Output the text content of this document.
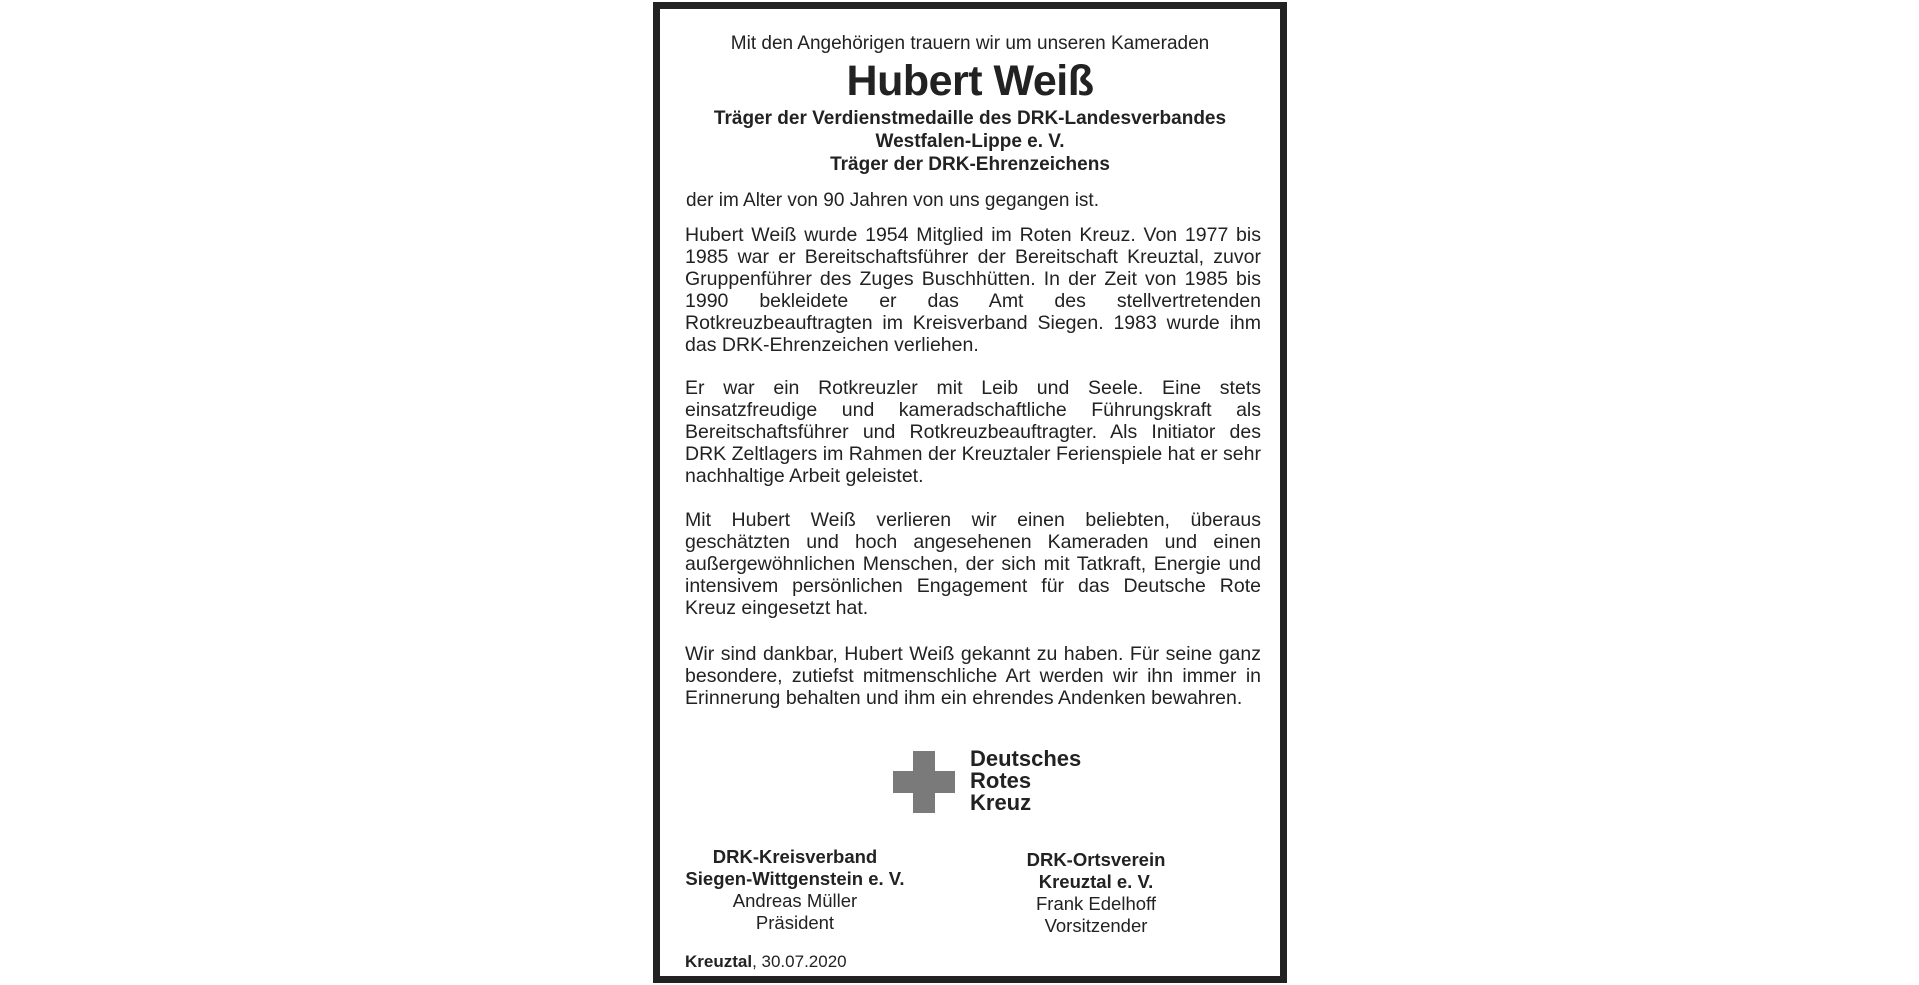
Mit den Angehörigen trauern wir um unseren Kameraden
Hubert Weiß
Träger der Verdienstmedaille des DRK-Landesverbandes
Westfalen-Lippe e. V.
Träger der DRK-Ehrenzeichens
der im Alter von 90 Jahren von uns gegangen ist.
Hubert Weiß wurde 1954 Mitglied im Roten Kreuz. Von 1977 bis 1985 war er Bereitschaftsführer der Bereitschaft Kreuztal, zuvor Gruppenführer des Zuges Buschhütten. In der Zeit von 1985 bis 1990 bekleidete er das Amt des stellvertretenden Rotkreuzbeauftragten im Kreisverband Siegen. 1983 wurde ihm das DRK-Ehrenzeichen verliehen.
Er war ein Rotkreuzler mit Leib und Seele. Eine stets einsatzfreudige und kameradschaftliche Führungskraft als Bereitschaftsführer und Rotkreuzbeauftragter. Als Initiator des DRK Zeltlagers im Rahmen der Kreuztaler Ferienspiele hat er sehr nachhaltige Arbeit geleistet.
Mit Hubert Weiß verlieren wir einen beliebten, überaus geschätzten und hoch angesehenen Kameraden und einen außergewöhnlichen Menschen, der sich mit Tatkraft, Energie und intensivem persönlichen Engagement für das Deutsche Rote Kreuz eingesetzt hat.
Wir sind dankbar, Hubert Weiß gekannt zu haben. Für seine ganz besondere, zutiefst mitmenschliche Art werden wir ihn immer in Erinnerung behalten und ihm ein ehrendes Andenken bewahren.
Deutsches
Rotes
Kreuz
DRK-Kreisverband
Siegen-Wittgenstein e. V.
Andreas Müller
Präsident
DRK-Ortsverein
Kreuztal e. V.
Frank Edelhoff
Vorsitzender
Kreuztal, 30.07.2020
